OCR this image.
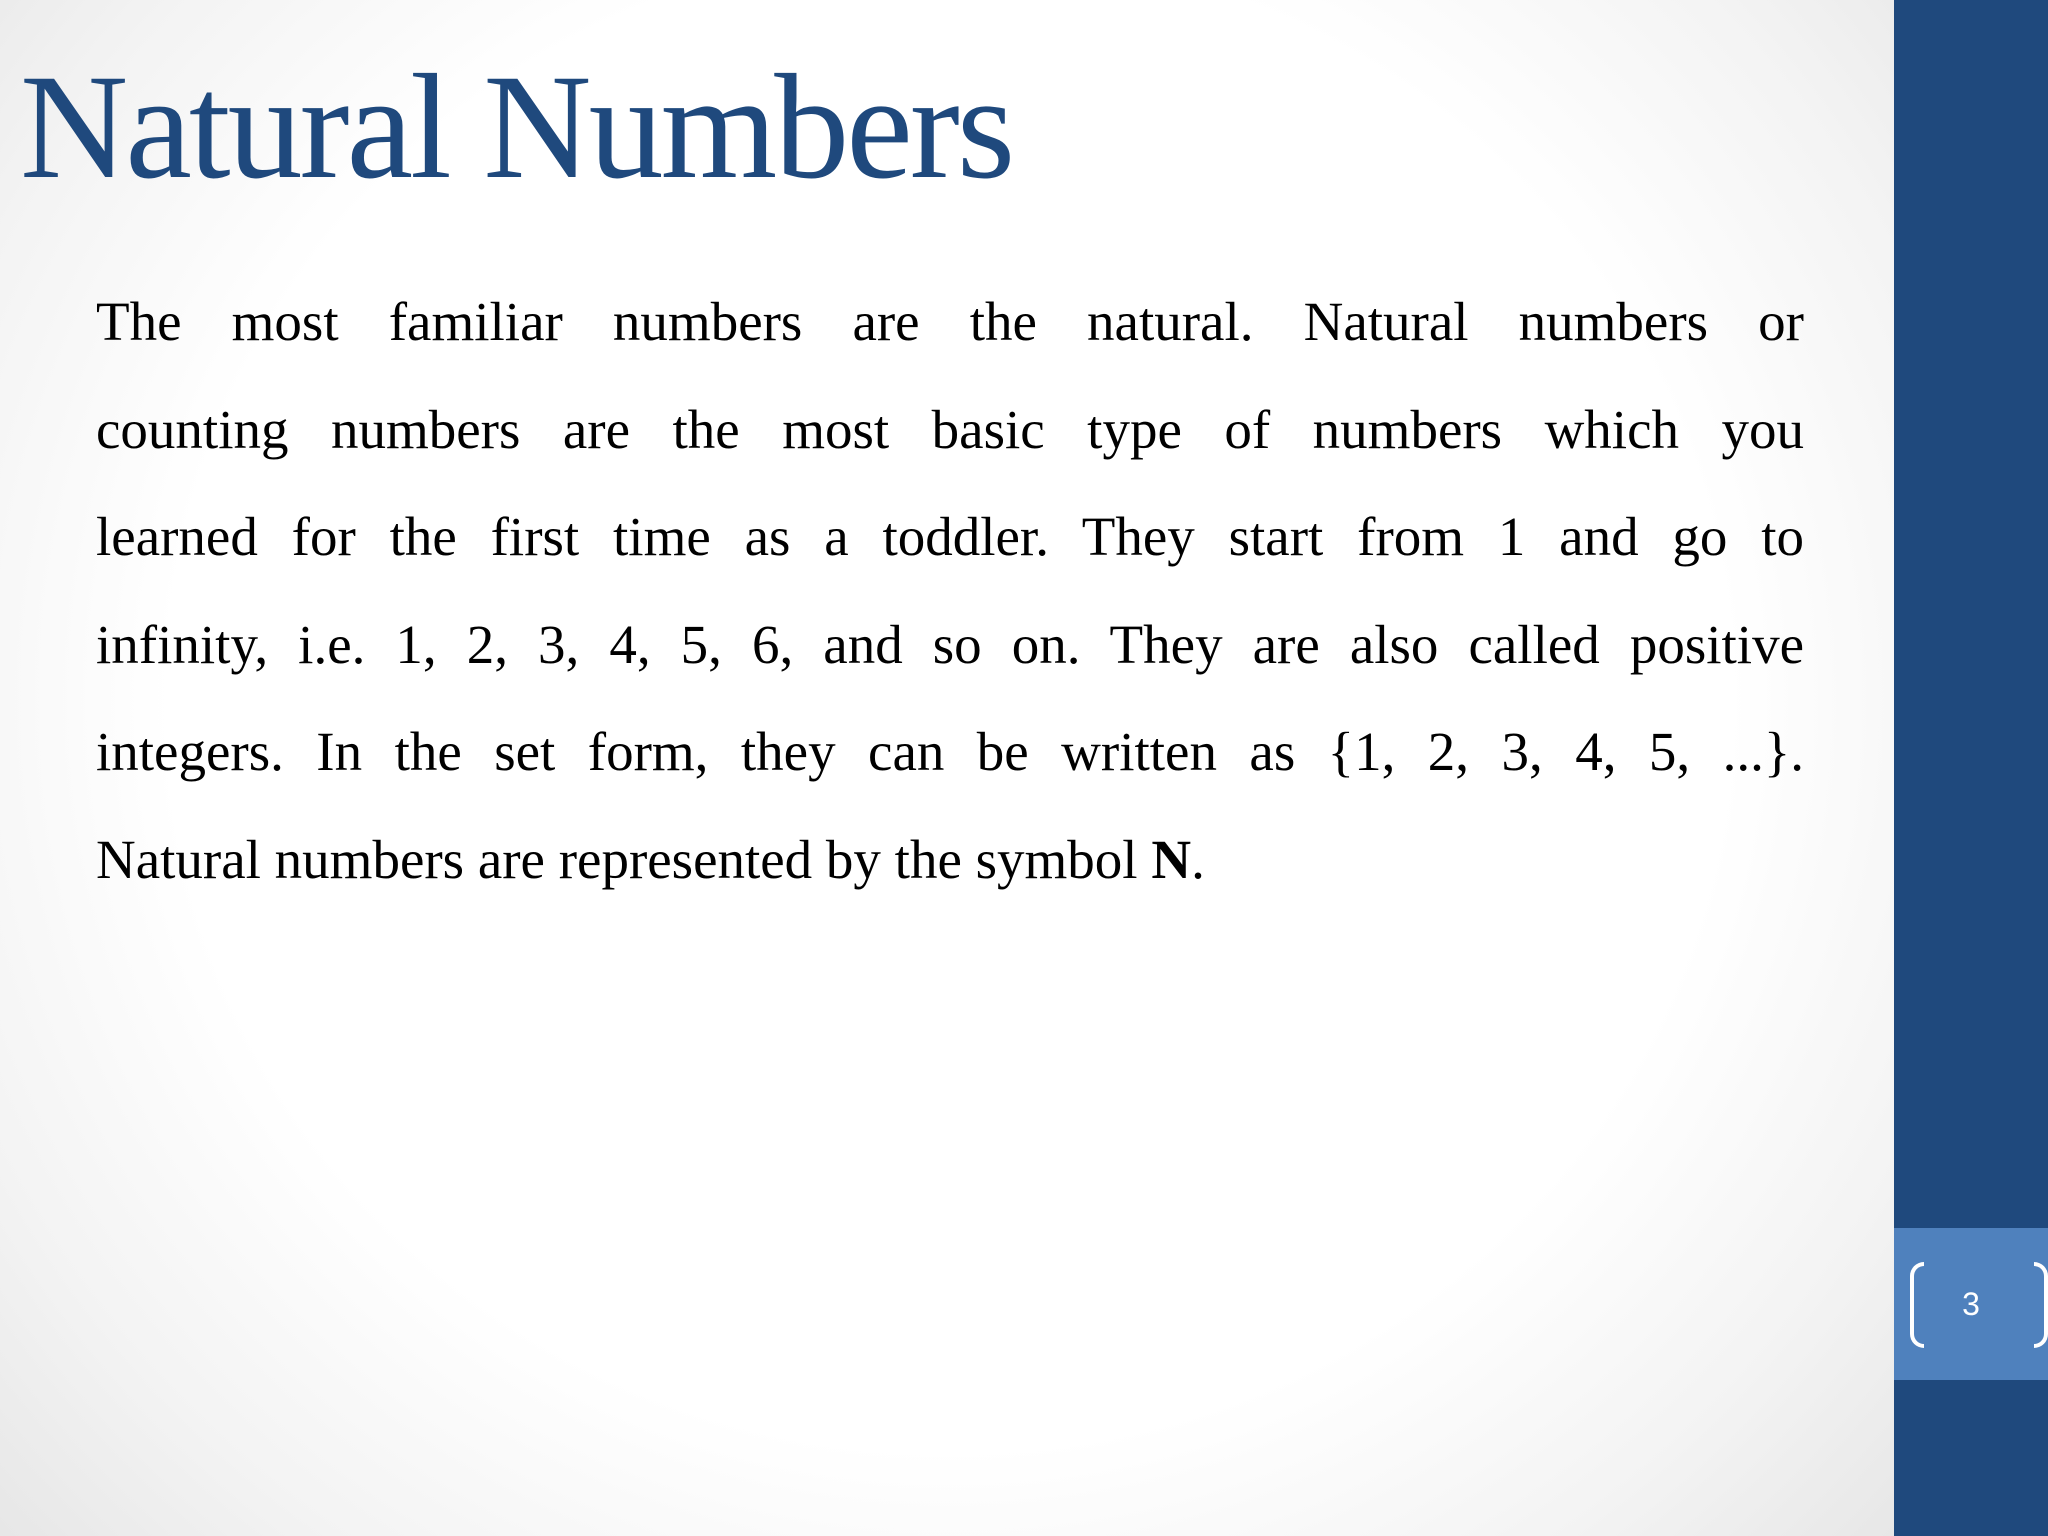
Natural Numbers
The most familiar numbers are the natural. Natural numbers or
counting numbers are the most basic type of numbers which you
learned for the first time as a toddler. They start from 1 and go to
infinity, i.e. 1, 2, 3, 4, 5, 6, and so on. They are also called positive
integers. In the set form, they can be written as {1, 2, 3, 4, 5, ...}.
Natural numbers are represented by the symbol N.
3
